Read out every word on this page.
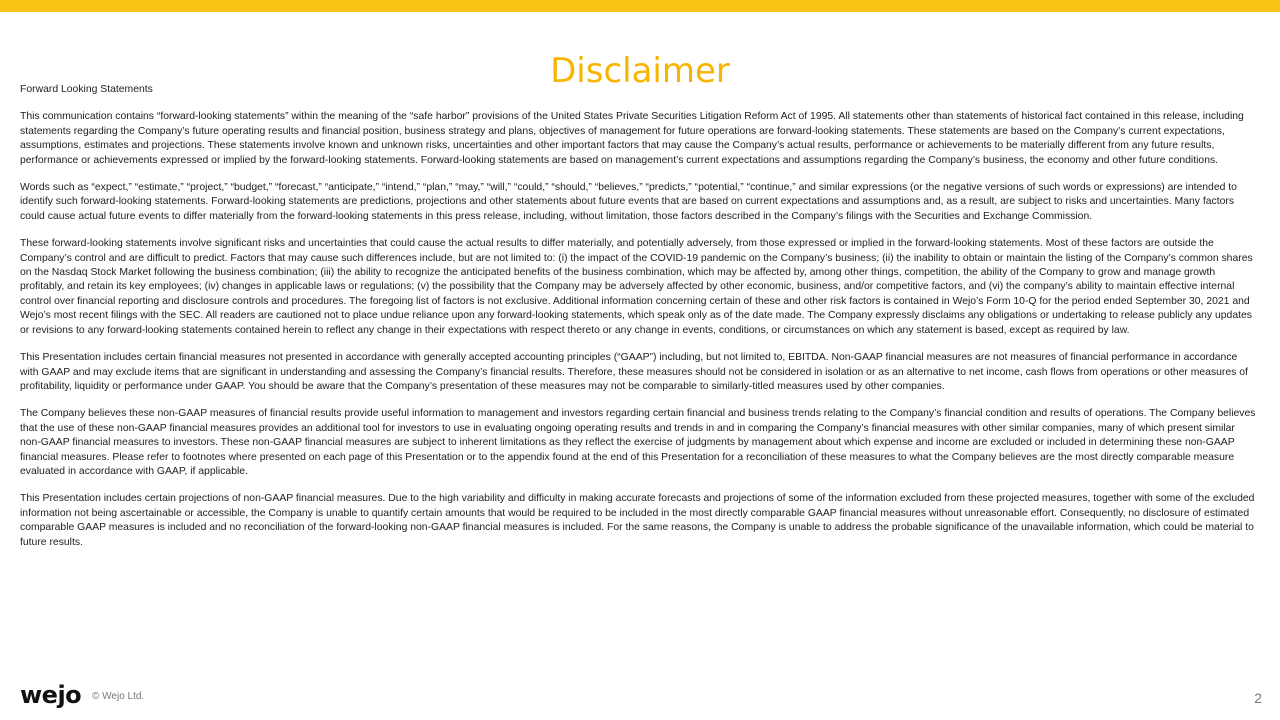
Disclaimer
Forward Looking Statements

This communication contains “forward-looking statements” within the meaning of the “safe harbor” provisions of the United States Private Securities Litigation Reform Act of 1995. All statements other than statements of historical fact contained in this release, including statements regarding the Company’s future operating results and financial position, business strategy and plans, objectives of management for future operations are forward-looking statements. These statements are based on the Company’s current expectations, assumptions, estimates and projections. These statements involve known and unknown risks, uncertainties and other important factors that may cause the Company’s actual results, performance or achievements to be materially different from any future results, performance or achievements expressed or implied by the forward-looking statements. Forward-looking statements are based on management’s current expectations and assumptions regarding the Company’s business, the economy and other future conditions.

Words such as “expect,” “estimate,” “project,” “budget,” “forecast,” “anticipate,” “intend,” “plan,” “may,” “will,” “could,” “should,” “believes,” “predicts,” “potential,” “continue,” and similar expressions (or the negative versions of such words or expressions) are intended to identify such forward-looking statements. Forward-looking statements are predictions, projections and other statements about future events that are based on current expectations and assumptions and, as a result, are subject to risks and uncertainties. Many factors could cause actual future events to differ materially from the forward-looking statements in this press release, including, without limitation, those factors described in the Company’s filings with the Securities and Exchange Commission.

These forward-looking statements involve significant risks and uncertainties that could cause the actual results to differ materially, and potentially adversely, from those expressed or implied in the forward-looking statements. Most of these factors are outside the Company’s control and are difficult to predict. Factors that may cause such differences include, but are not limited to: (i) the impact of the COVID-19 pandemic on the Company’s business; (ii) the inability to obtain or maintain the listing of the Company’s common shares on the Nasdaq Stock Market following the business combination; (iii) the ability to recognize the anticipated benefits of the business combination, which may be affected by, among other things, competition, the ability of the Company to grow and manage growth profitably, and retain its key employees; (iv) changes in applicable laws or regulations; (v) the possibility that the Company may be adversely affected by other economic, business, and/or competitive factors, and (vi) the company’s ability to maintain effective internal control over financial reporting and disclosure controls and procedures. The foregoing list of factors is not exclusive. Additional information concerning certain of these and other risk factors is contained in Wejo’s Form 10-Q for the period ended September 30, 2021 and Wejo’s most recent filings with the SEC. All readers are cautioned not to place undue reliance upon any forward-looking statements, which speak only as of the date made. The Company expressly disclaims any obligations or undertaking to release publicly any updates or revisions to any forward-looking statements contained herein to reflect any change in their expectations with respect thereto or any change in events, conditions, or circumstances on which any statement is based, except as required by law.

This Presentation includes certain financial measures not presented in accordance with generally accepted accounting principles (“GAAP”) including, but not limited to, EBITDA. Non-GAAP financial measures are not measures of financial performance in accordance with GAAP and may exclude items that are significant in understanding and assessing the Company’s financial results. Therefore, these measures should not be considered in isolation or as an alternative to net income, cash flows from operations or other measures of profitability, liquidity or performance under GAAP. You should be aware that the Company’s presentation of these measures may not be comparable to similarly-titled measures used by other companies.

The Company believes these non-GAAP measures of financial results provide useful information to management and investors regarding certain financial and business trends relating to the Company’s financial condition and results of operations. The Company believes that the use of these non-GAAP financial measures provides an additional tool for investors to use in evaluating ongoing operating results and trends in and in comparing the Company’s financial measures with other similar companies, many of which present similar non-GAAP financial measures to investors. These non-GAAP financial measures are subject to inherent limitations as they reflect the exercise of judgments by management about which expense and income are excluded or included in determining these non-GAAP financial measures. Please refer to footnotes where presented on each page of this Presentation or to the appendix found at the end of this Presentation for a reconciliation of these measures to what the Company believes are the most directly comparable measure evaluated in accordance with GAAP, if applicable.

This Presentation includes certain projections of non-GAAP financial measures. Due to the high variability and difficulty in making accurate forecasts and projections of some of the information excluded from these projected measures, together with some of the excluded information not being ascertainable or accessible, the Company is unable to quantify certain amounts that would be required to be included in the most directly comparable GAAP financial measures without unreasonable effort. Consequently, no disclosure of estimated comparable GAAP measures is included and no reconciliation of the forward-looking non-GAAP financial measures is included. For the same reasons, the Company is unable to address the probable significance of the unavailable information, which could be material to future results.

wejo © Wejo Ltd.	2
